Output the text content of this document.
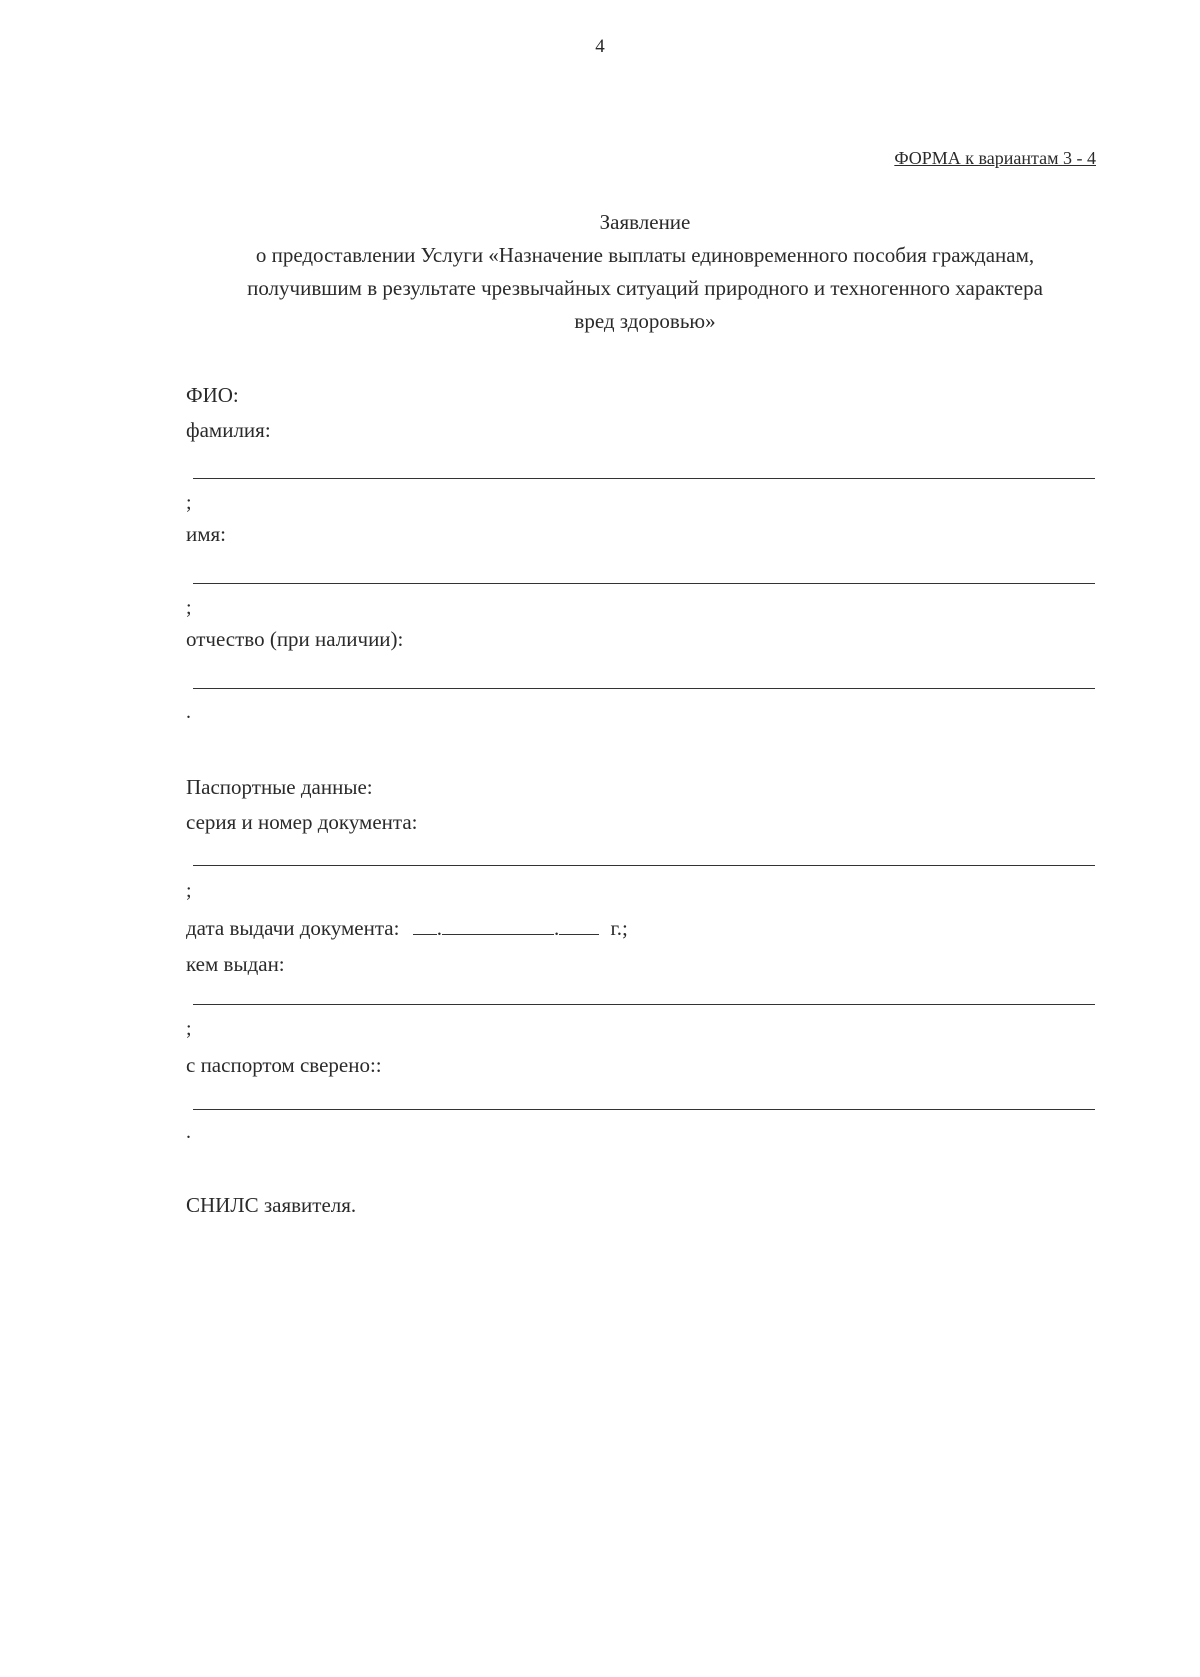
4
ФОРМА к вариантам 3 - 4
Заявление
о предоставлении Услуги «Назначение выплаты единовременного пособия гражданам,
получившим в результате чрезвычайных ситуаций природного и техногенного характера
вред здоровью»
ФИО:
фамилия:
;
имя:
;
отчество (при наличии):
.
Паспортные данные:
серия и номер документа:
;
дата выдачи документа: .	. г.;
кем выдан:
;
с паспортом сверено::
.
СНИЛС заявителя.
